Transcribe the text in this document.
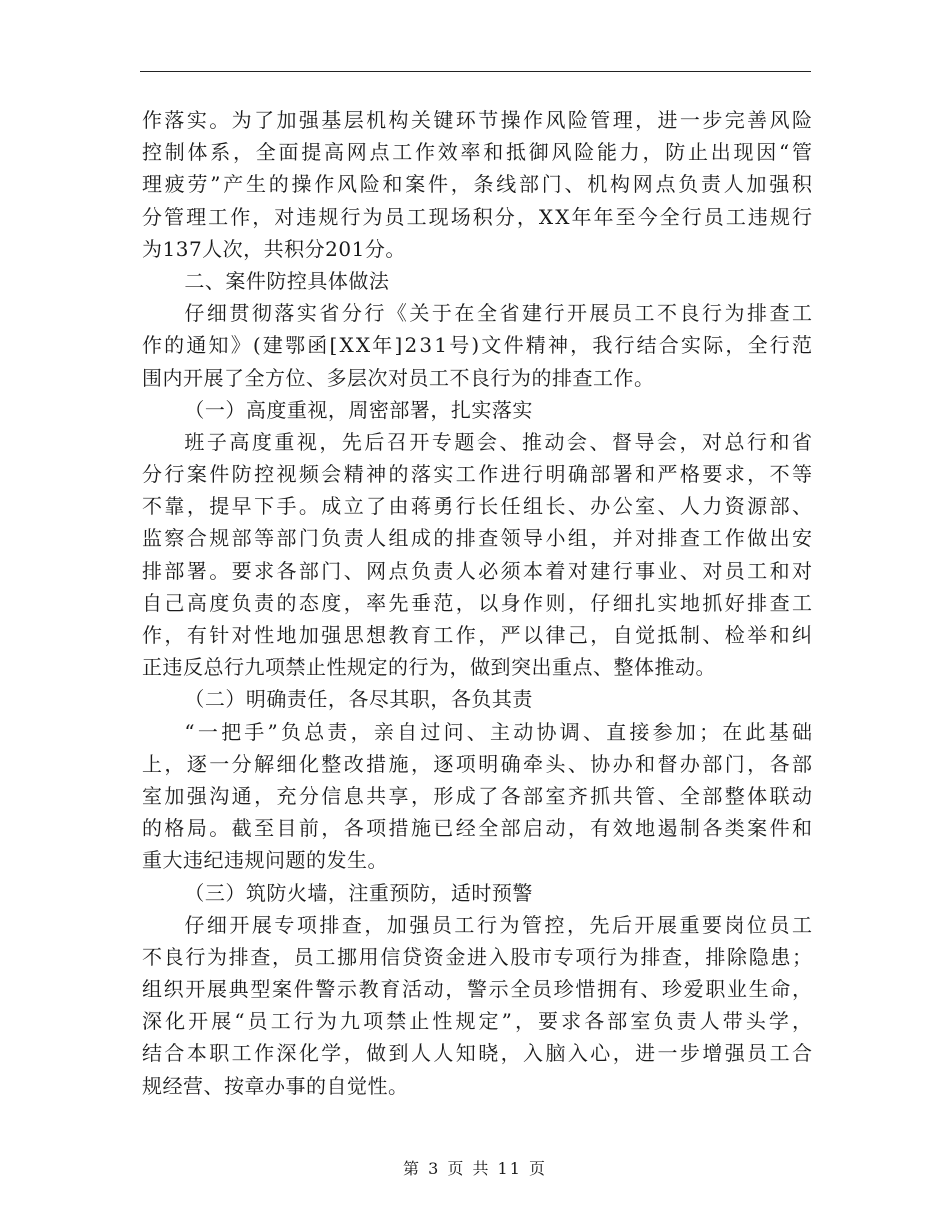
作落实。为了加强基层机构关键环节操作风险管理，进一步完善风险
控制体系，全面提高网点工作效率和抵御风险能力，防止出现因“管
理疲劳”产生的操作风险和案件，条线部门、机构网点负责人加强积
分管理工作，对违规行为员工现场积分，XX年年至今全行员工违规行
为137人次，共积分201分。
二、案件防控具体做法
仔细贯彻落实省分行《关于在全省建行开展员工不良行为排查工
作的通知》(建鄂函[XX年]231号)文件精神，我行结合实际，全行范
围内开展了全方位、多层次对员工不良行为的排查工作。
（一）高度重视，周密部署，扎实落实
班子高度重视，先后召开专题会、推动会、督导会，对总行和省
分行案件防控视频会精神的落实工作进行明确部署和严格要求，不等
不靠，提早下手。成立了由蒋勇行长任组长、办公室、人力资源部、
监察合规部等部门负责人组成的排查领导小组，并对排查工作做出安
排部署。要求各部门、网点负责人必须本着对建行事业、对员工和对
自己高度负责的态度，率先垂范，以身作则，仔细扎实地抓好排查工
作，有针对性地加强思想教育工作，严以律己，自觉抵制、检举和纠
正违反总行九项禁止性规定的行为，做到突出重点、整体推动。
（二）明确责任，各尽其职，各负其责
“一把手”负总责，亲自过问、主动协调、直接参加；在此基础
上，逐一分解细化整改措施，逐项明确牵头、协办和督办部门，各部
室加强沟通，充分信息共享，形成了各部室齐抓共管、全部整体联动
的格局。截至目前，各项措施已经全部启动，有效地遏制各类案件和
重大违纪违规问题的发生。
（三）筑防火墙，注重预防，适时预警
仔细开展专项排查，加强员工行为管控，先后开展重要岗位员工
不良行为排查，员工挪用信贷资金进入股市专项行为排查，排除隐患；
组织开展典型案件警示教育活动，警示全员珍惜拥有、珍爱职业生命，
深化开展“员工行为九项禁止性规定”，要求各部室负责人带头学，
结合本职工作深化学，做到人人知晓，入脑入心，进一步增强员工合
规经营、按章办事的自觉性。
第 3 页 共 11 页
